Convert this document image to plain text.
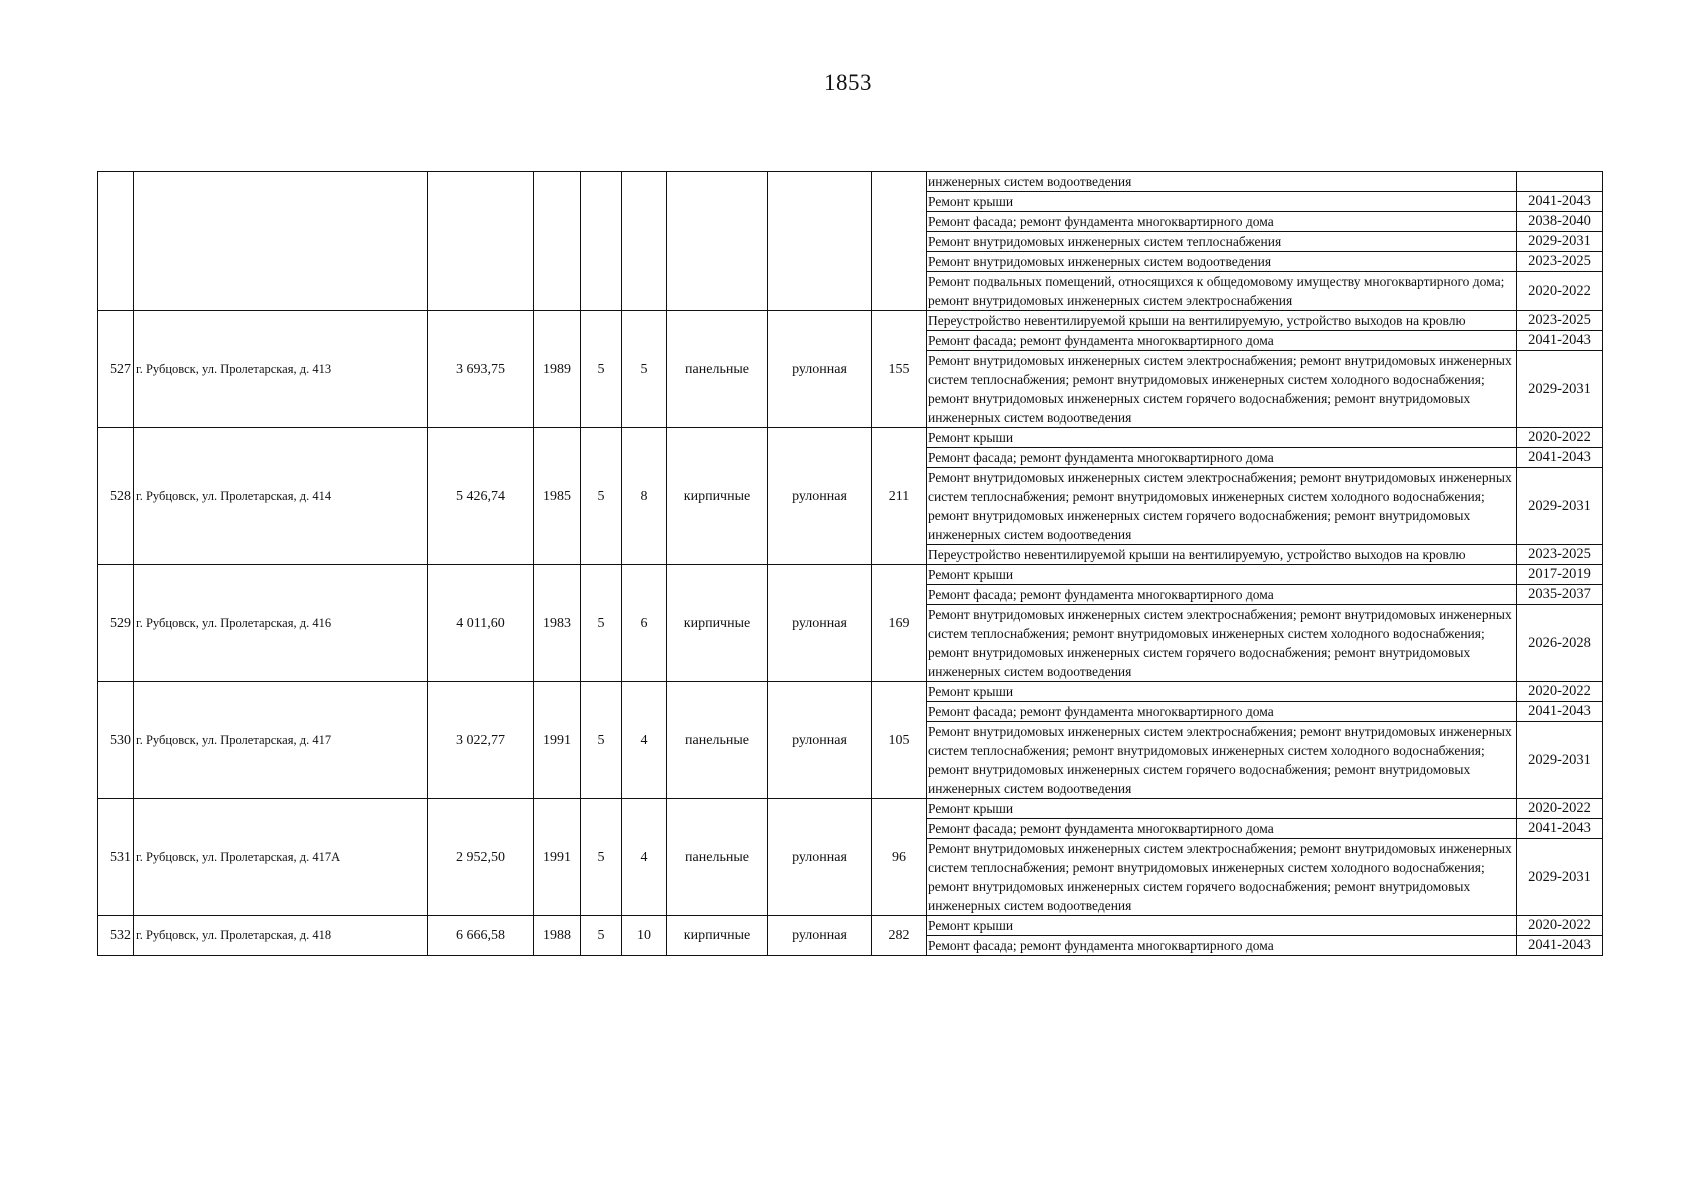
1853
									инженерных систем водоотведения	
									Ремонт крыши	2041-2043
									Ремонт фасада; ремонт фундамента многоквартирного дома	2038-2040
									Ремонт внутридомовых инженерных систем теплоснабжения	2029-2031
									Ремонт внутридомовых инженерных систем водоотведения	2023-2025
									Ремонт подвальных помещений, относящихся к общедомовому имуществу многоквартирного дома; ремонт внутридомовых инженерных систем электроснабжения	2020-2022
527	г. Рубцовск, ул. Пролетарская, д. 413	3 693,75	1989	5	5	панельные	рулонная	155	Переустройство невентилируемой крыши на вентилируемую, устройство выходов на кровлю	2023-2025
									Ремонт фасада; ремонт фундамента многоквартирного дома	2041-2043
									Ремонт внутридомовых инженерных систем электроснабжения; ремонт внутридомовых инженерных систем теплоснабжения; ремонт внутридомовых инженерных систем холодного водоснабжения; ремонт внутридомовых инженерных систем горячего водоснабжения; ремонт внутридомовых инженерных систем водоотведения	2029-2031
528	г. Рубцовск, ул. Пролетарская, д. 414	5 426,74	1985	5	8	кирпичные	рулонная	211	Ремонт крыши	2020-2022
									Ремонт фасада; ремонт фундамента многоквартирного дома	2041-2043
									Ремонт внутридомовых инженерных систем электроснабжения; ремонт внутридомовых инженерных систем теплоснабжения; ремонт внутридомовых инженерных систем холодного водоснабжения; ремонт внутридомовых инженерных систем горячего водоснабжения; ремонт внутридомовых инженерных систем водоотведения	2029-2031
									Переустройство невентилируемой крыши на вентилируемую, устройство выходов на кровлю	2023-2025
529	г. Рубцовск, ул. Пролетарская, д. 416	4 011,60	1983	5	6	кирпичные	рулонная	169	Ремонт крыши	2017-2019
									Ремонт фасада; ремонт фундамента многоквартирного дома	2035-2037
									Ремонт внутридомовых инженерных систем электроснабжения; ремонт внутридомовых инженерных систем теплоснабжения; ремонт внутридомовых инженерных систем холодного водоснабжения; ремонт внутридомовых инженерных систем горячего водоснабжения; ремонт внутридомовых инженерных систем водоотведения	2026-2028
530	г. Рубцовск, ул. Пролетарская, д. 417	3 022,77	1991	5	4	панельные	рулонная	105	Ремонт крыши	2020-2022
									Ремонт фасада; ремонт фундамента многоквартирного дома	2041-2043
									Ремонт внутридомовых инженерных систем электроснабжения; ремонт внутридомовых инженерных систем теплоснабжения; ремонт внутридомовых инженерных систем холодного водоснабжения; ремонт внутридомовых инженерных систем горячего водоснабжения; ремонт внутридомовых инженерных систем водоотведения	2029-2031
531	г. Рубцовск, ул. Пролетарская, д. 417А	2 952,50	1991	5	4	панельные	рулонная	96	Ремонт крыши	2020-2022
									Ремонт фасада; ремонт фундамента многоквартирного дома	2041-2043
									Ремонт внутридомовых инженерных систем электроснабжения; ремонт внутридомовых инженерных систем теплоснабжения; ремонт внутридомовых инженерных систем холодного водоснабжения; ремонт внутридомовых инженерных систем горячего водоснабжения; ремонт внутридомовых инженерных систем водоотведения	2029-2031
532	г. Рубцовск, ул. Пролетарская, д. 418	6 666,58	1988	5	10	кирпичные	рулонная	282	Ремонт крыши	2020-2022
									Ремонт фасада; ремонт фундамента многоквартирного дома	2041-2043
